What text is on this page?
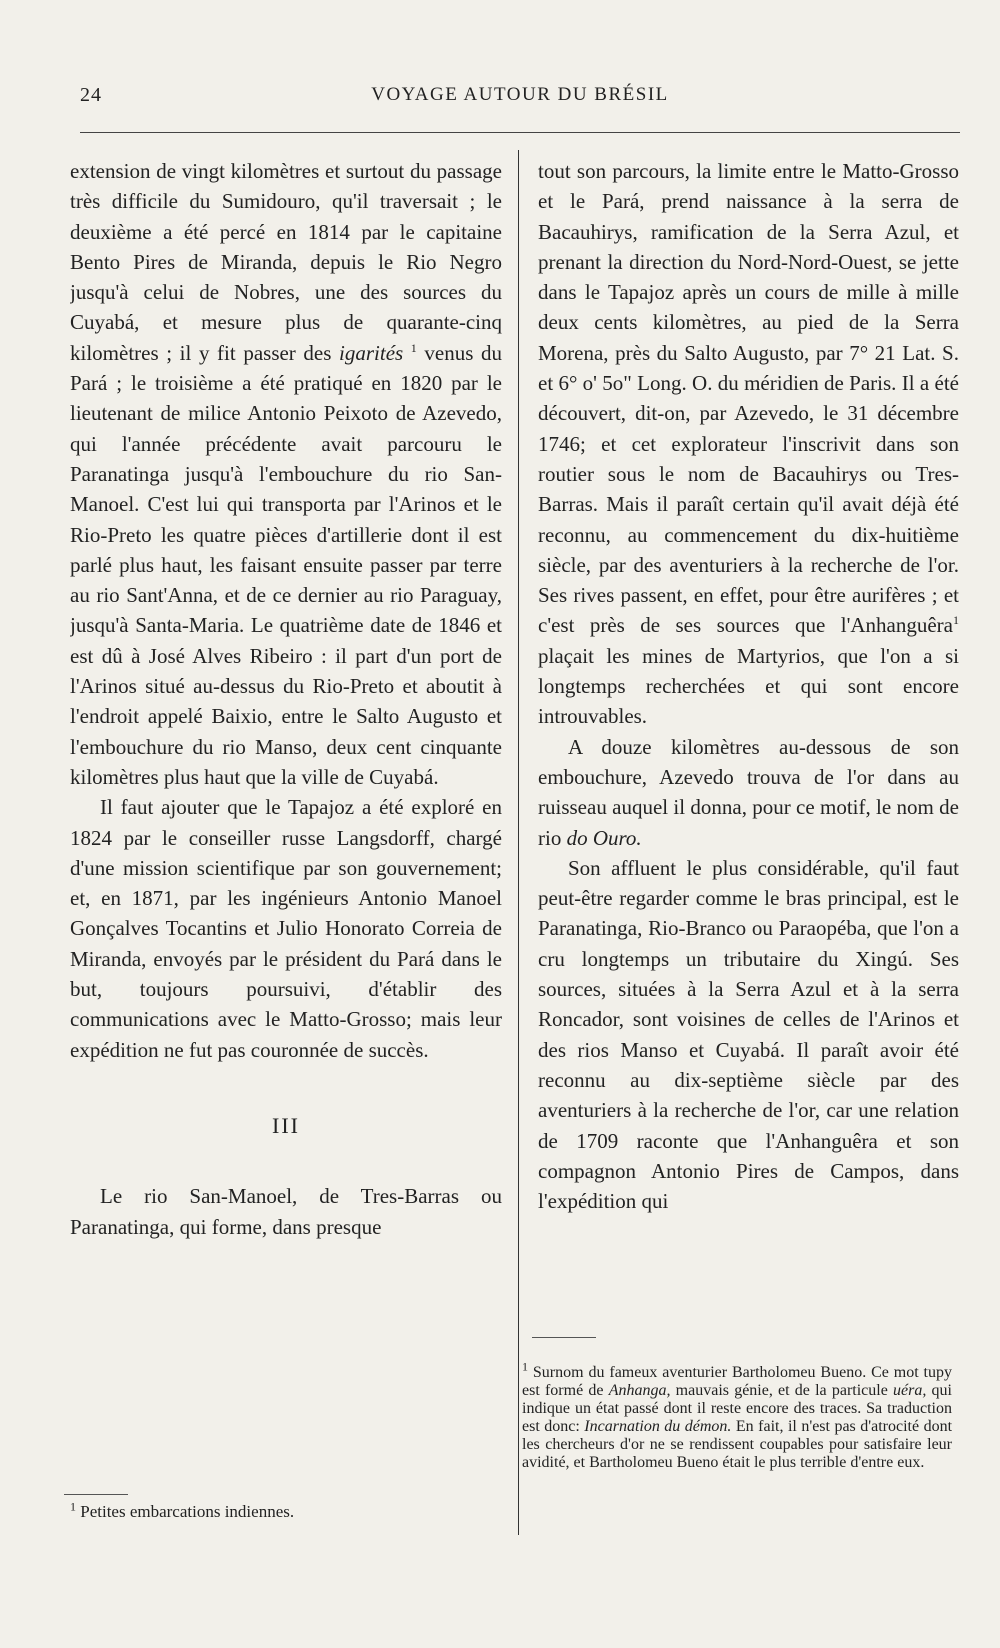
24	VOYAGE AUTOUR DU BRÉSIL

extension de vingt kilomètres et surtout du passage très difficile du Sumidouro, qu'il traversait ; le deuxième a été percé en 1814 par le capitaine Bento Pires de Miranda, depuis le Rio Negro jusqu'à celui de Nobres, une des sources du Cuyabá, et mesure plus de quarante-cinq kilomètres ; il y fit passer des igarités $^1$ venus du Pará ; le troisième a été pratiqué en 1820 par le lieutenant de milice Antonio Peixoto de Azevedo, qui l'année précédente avait parcouru le Paranatinga jusqu'à l'embouchure du rio San-Manoel. C'est lui qui transporta par l'Arinos et le Rio-Preto les quatre pièces d'artillerie dont il est parlé plus haut, les faisant ensuite passer par terre au rio Sant'Anna, et de ce dernier au rio Paraguay, jusqu'à Santa-Maria. Le quatrième date de 1846 et est dû à José Alves Ribeiro : il part d'un port de l'Arinos situé au-dessus du Rio-Preto et aboutit à l'endroit appelé Baixio, entre le Salto Augusto et l'embouchure du rio Manso, deux cent cinquante kilomètres plus haut que la ville de Cuyabá.

Il faut ajouter que le Tapajoz a été exploré en 1824 par le conseiller russe Langsdorff, chargé d'une mission scientifique par son gouvernement; et, en 1871, par les ingénieurs Antonio Manoel Gonçalves Tocantins et Julio Honorato Correia de Miranda, envoyés par le président du Pará dans le but, toujours poursuivi, d'établir des communications avec le Matto-Grosso; mais leur expédition ne fut pas couronnée de succès.

III

Le rio San-Manoel, de Tres-Barras ou Paranatinga, qui forme, dans presque

tout son parcours, la limite entre le Matto-Grosso et le Pará, prend naissance à la serra de Bacauhirys, ramification de la Serra Azul, et prenant la direction du Nord-Nord-Ouest, se jette dans le Tapajoz après un cours de mille à mille deux cents kilomètres, au pied de la Serra Morena, près du Salto Augusto, par 7° 21 Lat. S. et 6° o' 5o" Long. O. du méridien de Paris. Il a été découvert, dit-on, par Azevedo, le 31 décembre 1746; et cet explorateur l'inscrivit dans son routier sous le nom de Bacauhirys ou Tres-Barras. Mais il paraît certain qu'il avait déjà été reconnu, au commencement du dix-huitième siècle, par des aventuriers à la recherche de l'or. Ses rives passent, en effet, pour être aurifères ; et c'est près de ses sources que l'Anhanguêra$^1$ plaçait les mines de Martyrios, que l'on a si longtemps recherchées et qui sont encore introuvables.

A douze kilomètres au-dessous de son embouchure, Azevedo trouva de l'or dans au ruisseau auquel il donna, pour ce motif, le nom de rio do Ouro.

Son affluent le plus considérable, qu'il faut peut-être regarder comme le bras principal, est le Paranatinga, Rio-Branco ou Paraopéba, que l'on a cru longtemps un tributaire du Xingú. Ses sources, situées à la Serra Azul et à la serra Roncador, sont voisines de celles de l'Arinos et des rios Manso et Cuyabá. Il paraît avoir été reconnu au dix-septième siècle par des aventuriers à la recherche de l'or, car une relation de 1709 raconte que l'Anhanguêra et son compagnon Antonio Pires de Campos, dans l'expédition qui

$^1$ Petites embarcations indiennes.
$^1$ Surnom du fameux aventurier Bartholomeu Bueno. Ce mot tupy est formé de Anhanga, mauvais génie, et de la particule uéra, qui indique un état passé dont il reste encore des traces. Sa traduction est donc: Incarnation du démon. En fait, il n'est pas d'atrocité dont les chercheurs d'or ne se rendissent coupables pour satisfaire leur avidité, et Bartholomeu Bueno était le plus terrible d'entre eux.
